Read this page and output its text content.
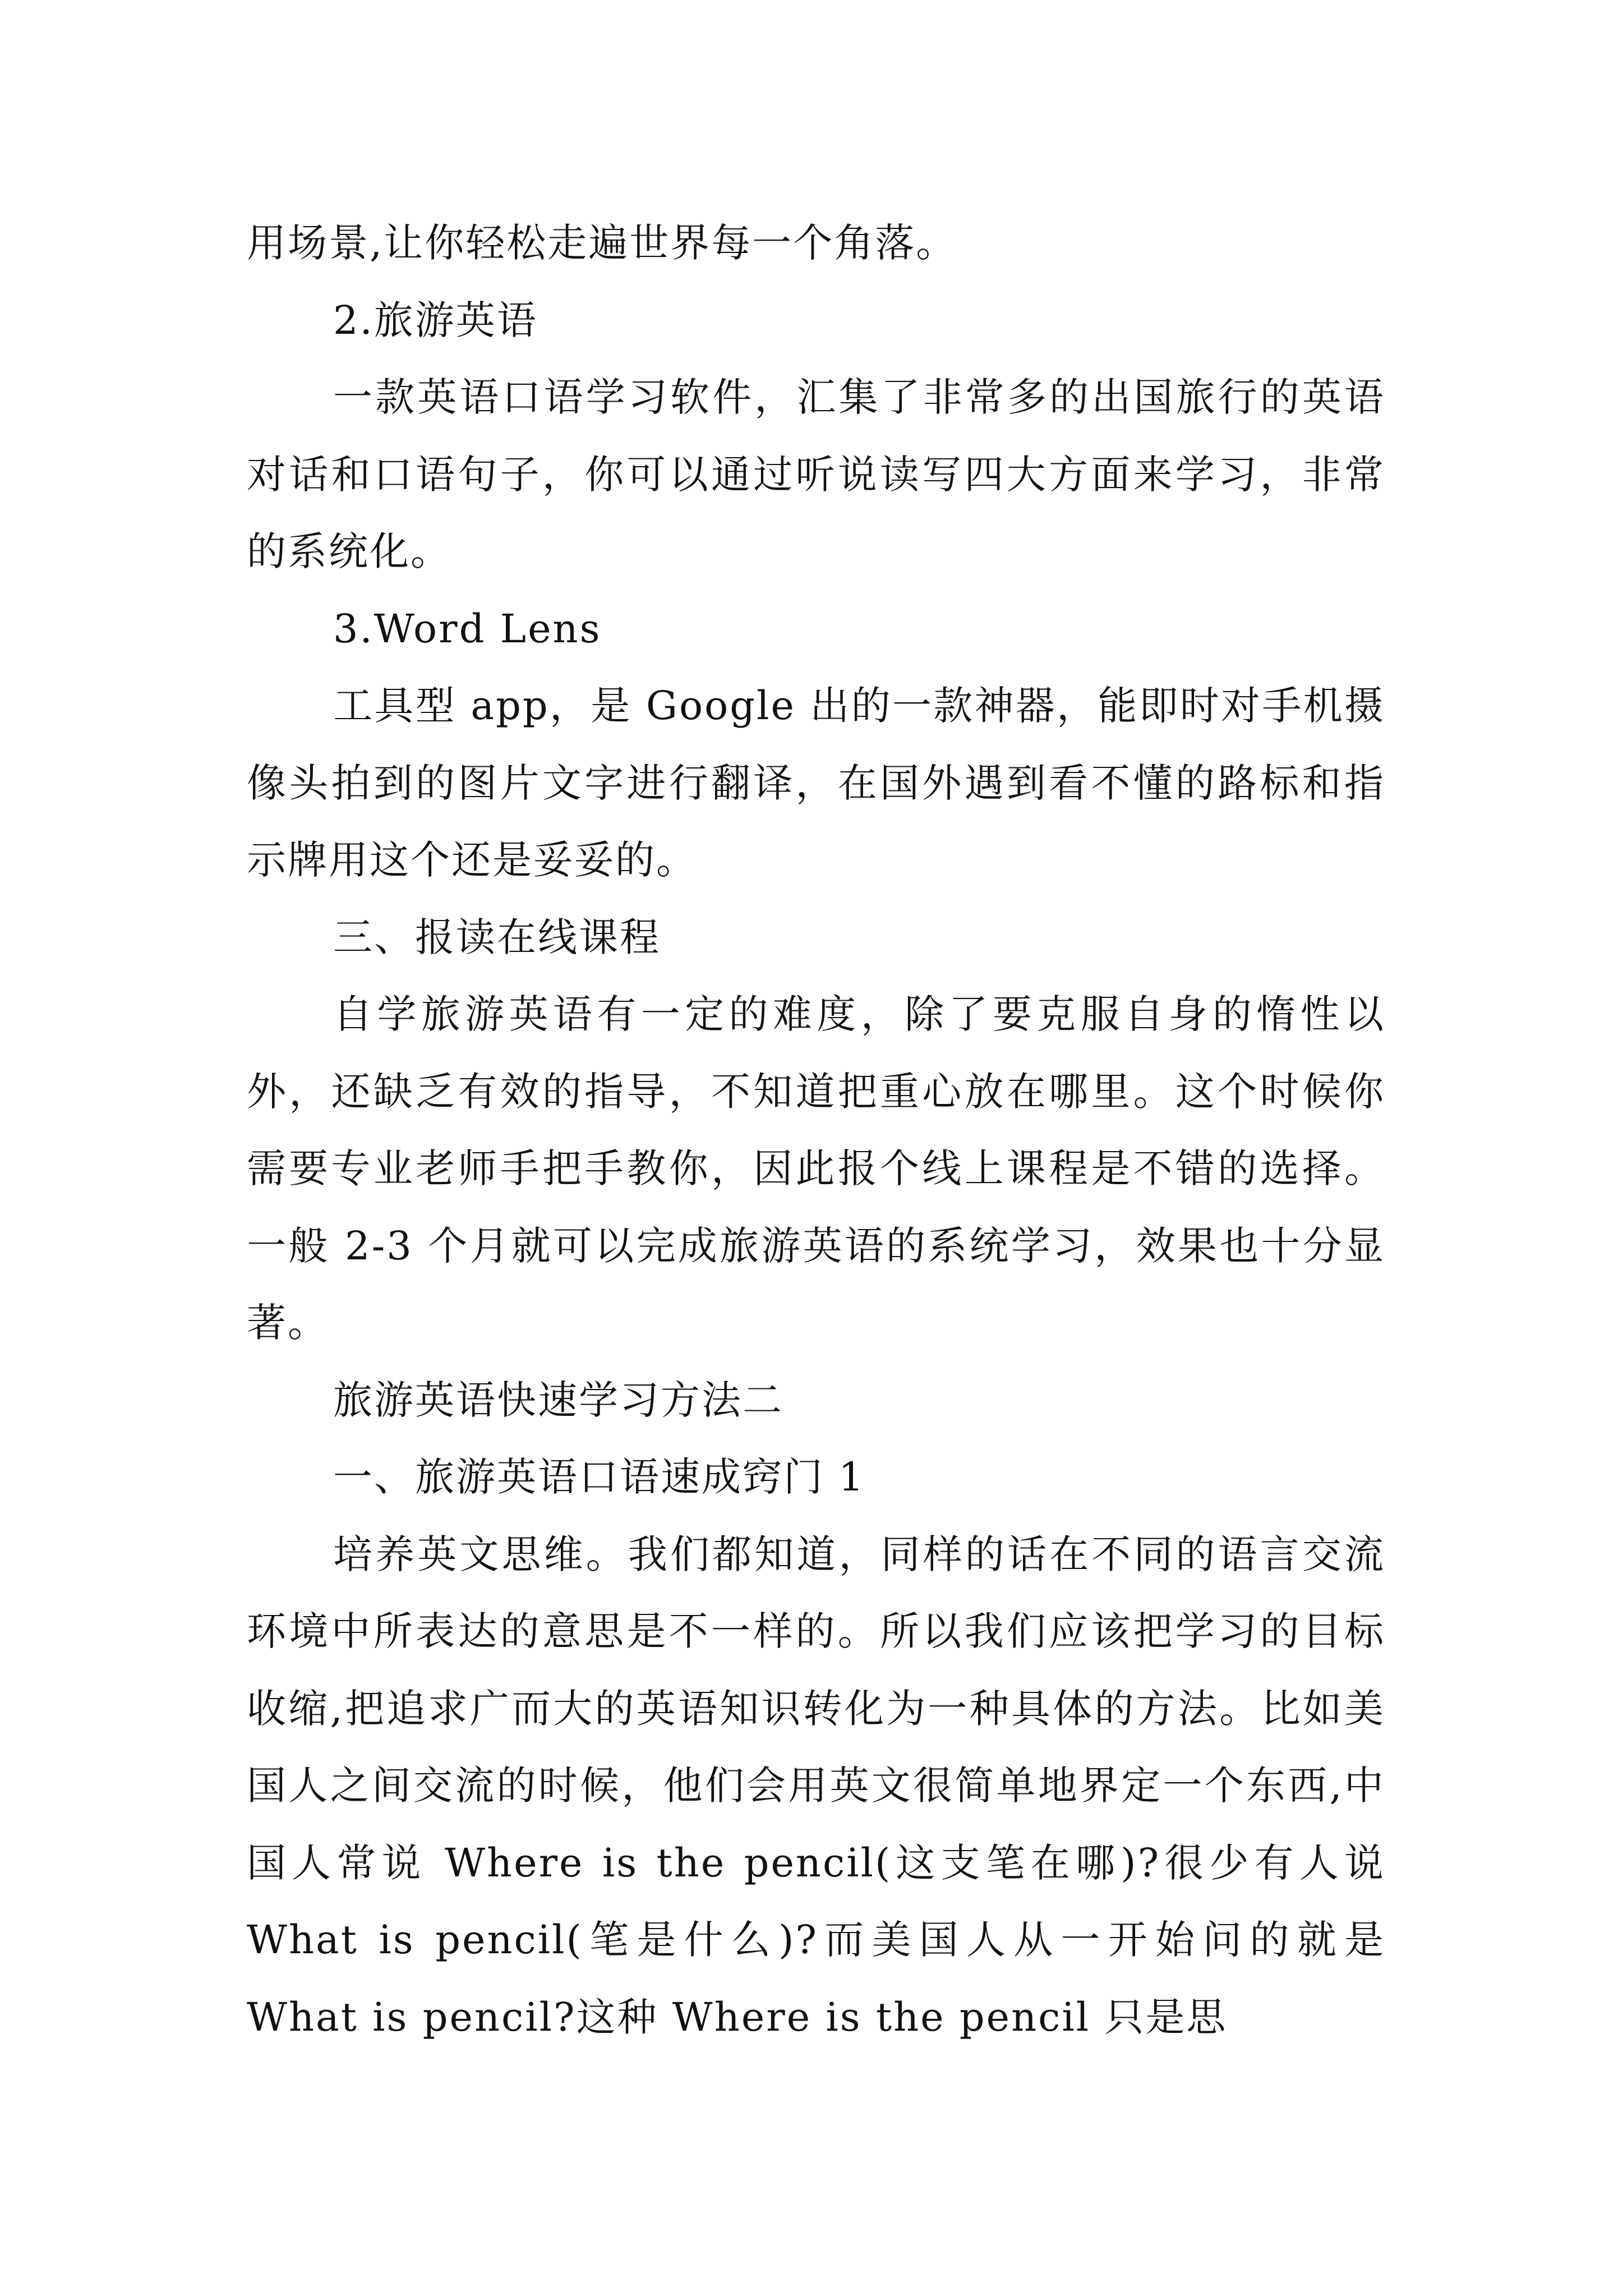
用场景,让你轻松走遍世界每一个角落。

2.旅游英语

一款英语口语学习软件，汇集了非常多的出国旅行的英语对话和口语句子，你可以通过听说读写四大方面来学习，非常的系统化。

3.Word Lens

工具型 app，是 Google 出的一款神器，能即时对手机摄像头拍到的图片文字进行翻译，在国外遇到看不懂的路标和指示牌用这个还是妥妥的。

三、报读在线课程

自学旅游英语有一定的难度，除了要克服自身的惰性以外，还缺乏有效的指导，不知道把重心放在哪里。这个时候你需要专业老师手把手教你，因此报个线上课程是不错的选择。一般 2-3 个月就可以完成旅游英语的系统学习，效果也十分显著。

旅游英语快速学习方法二

一、旅游英语口语速成窍门 1

培养英文思维。我们都知道，同样的话在不同的语言交流环境中所表达的意思是不一样的。所以我们应该把学习的目标收缩,把追求广而大的英语知识转化为一种具体的方法。比如美国人之间交流的时候，他们会用英文很简单地界定一个东西,中国人常说 Where is the pencil(这支笔在哪)?很少有人说 What is pencil(笔是什么)?而美国人从一开始问的就是 What is pencil?这种 Where is the pencil 只是思
